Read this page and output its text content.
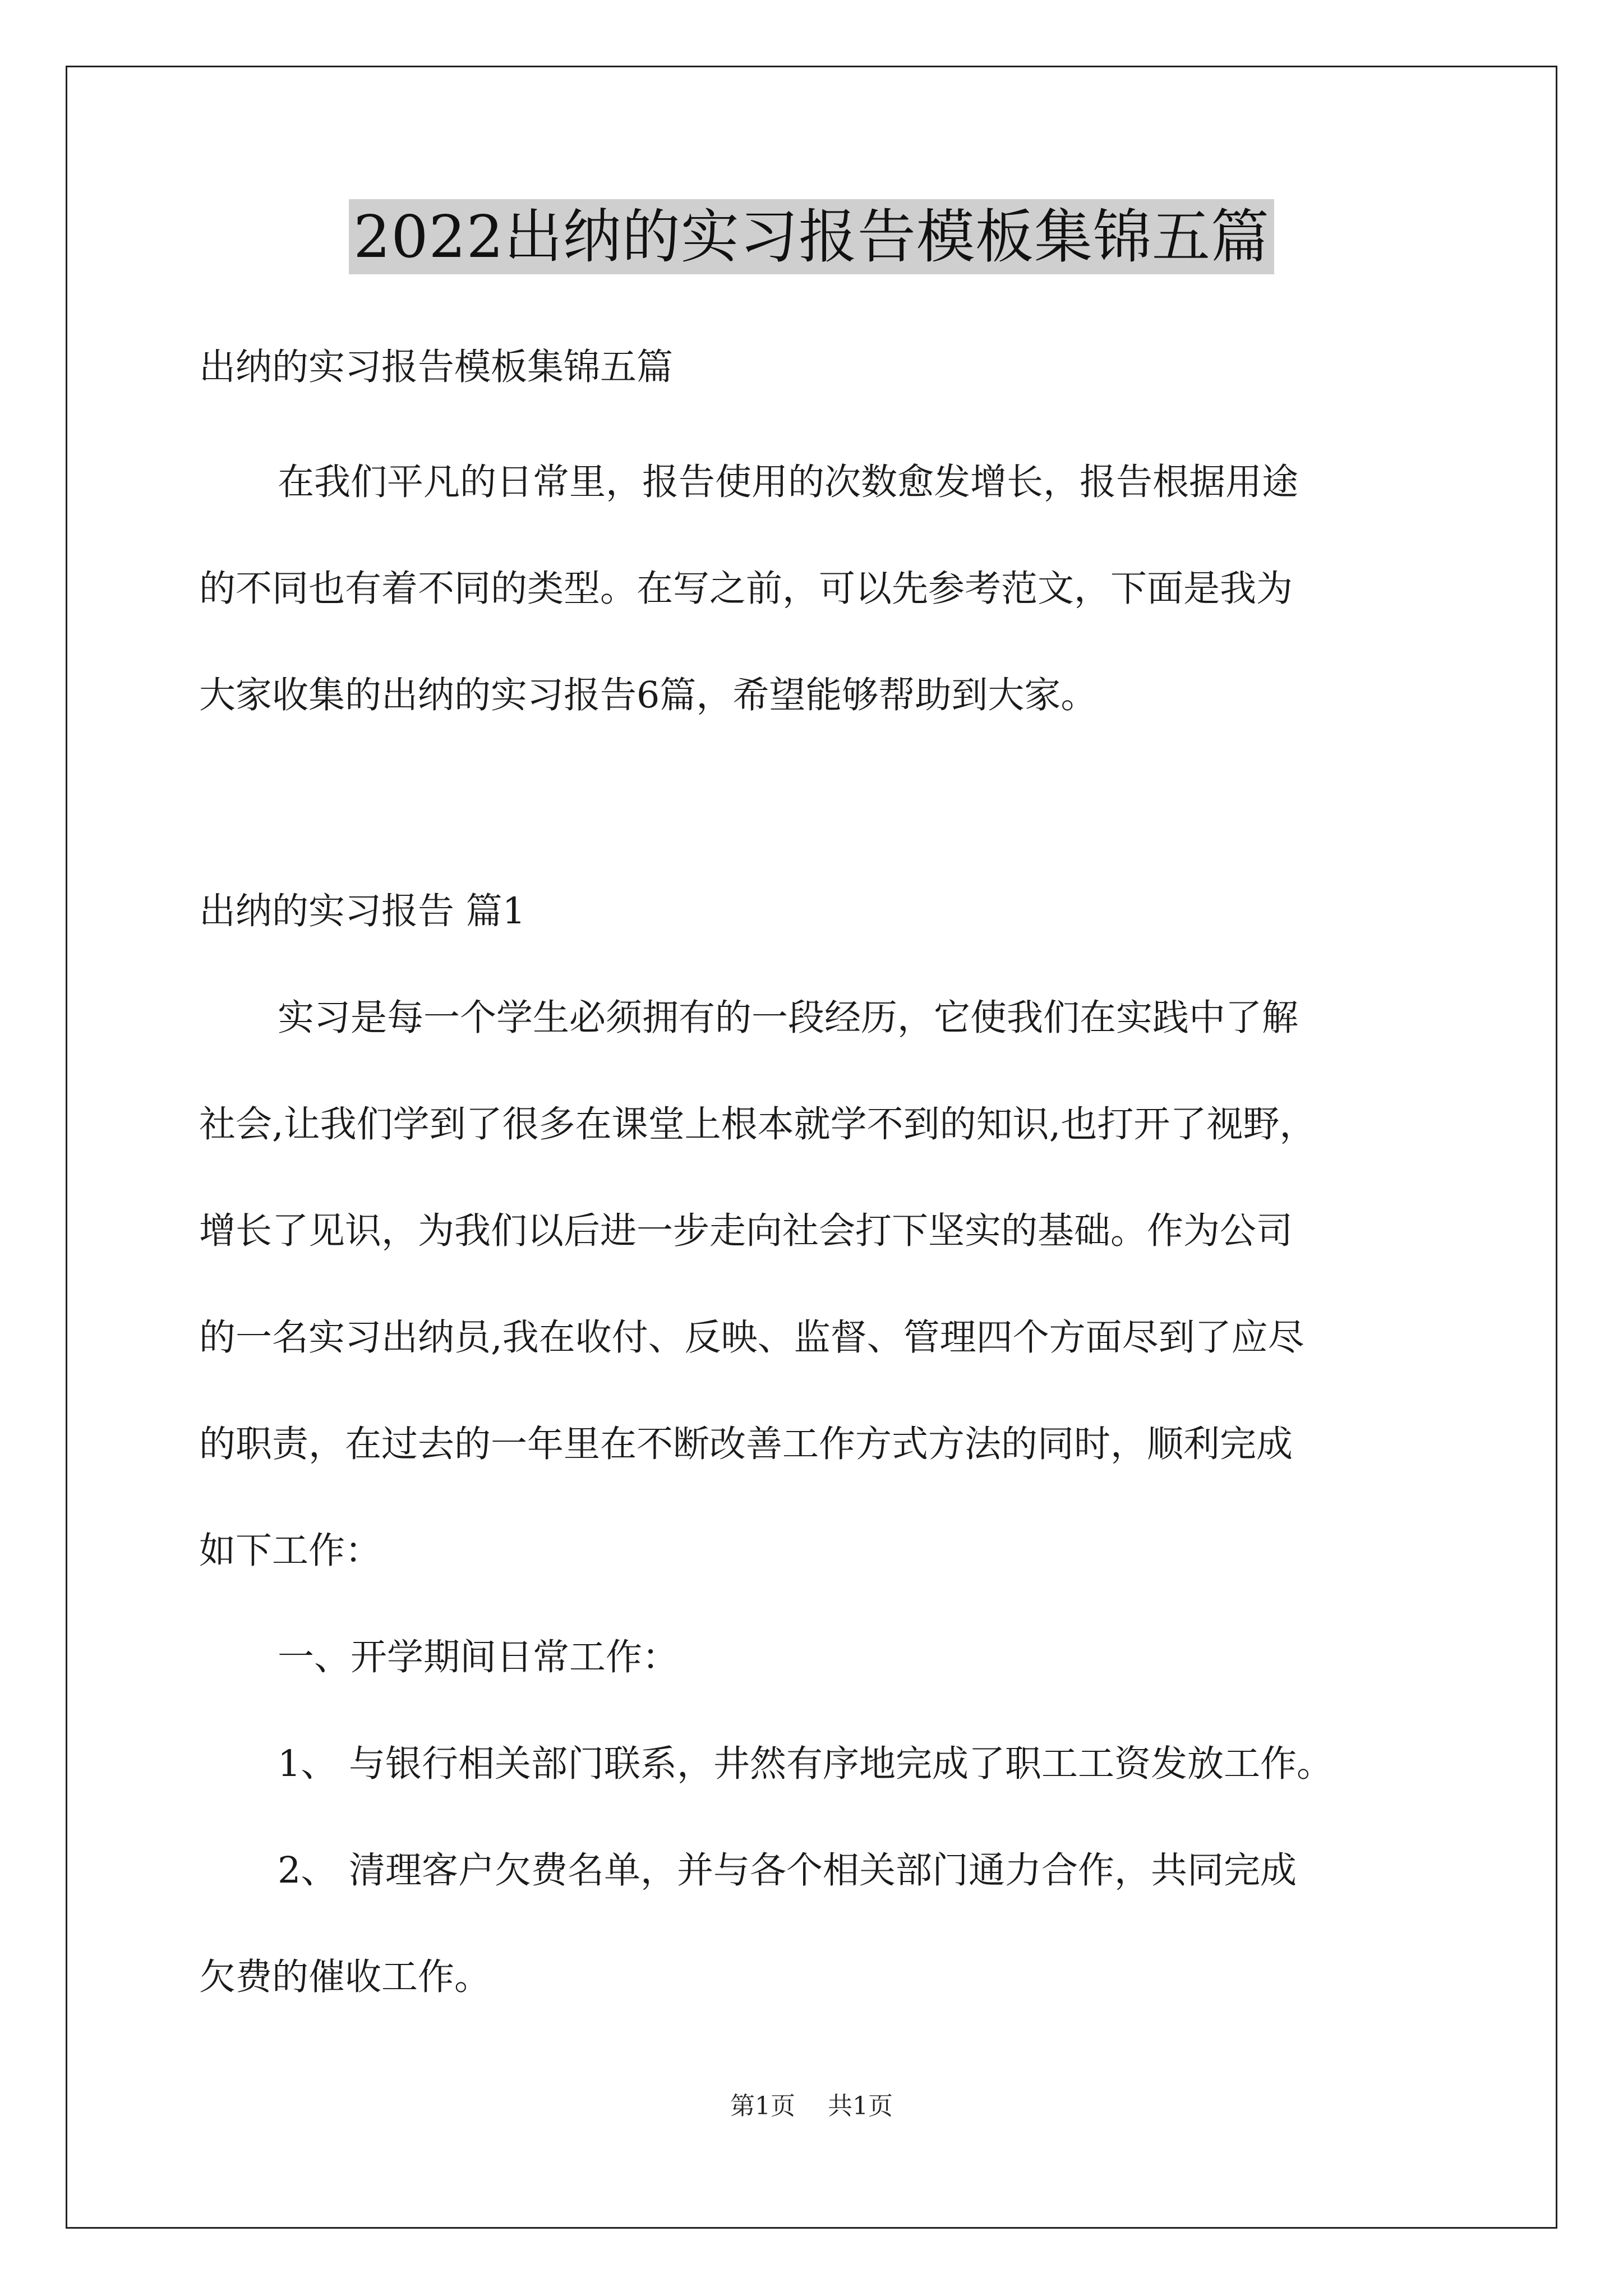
2022出纳的实习报告模板集锦五篇

出纳的实习报告模板集锦五篇

在我们平凡的日常里，报告使用的次数愈发增长，报告根据用途

的不同也有着不同的类型。在写之前，可以先参考范文，下面是我为

大家收集的出纳的实习报告6篇，希望能够帮助到大家。

出纳的实习报告 篇1

实习是每一个学生必须拥有的一段经历，它使我们在实践中了解

社会,让我们学到了很多在课堂上根本就学不到的知识,也打开了视野，

增长了见识，为我们以后进一步走向社会打下坚实的基础。作为公司

的一名实习出纳员,我在收付、反映、监督、管理四个方面尽到了应尽

的职责，在过去的一年里在不断改善工作方式方法的同时，顺利完成

如下工作：

一、开学期间日常工作：

1、 与银行相关部门联系，井然有序地完成了职工工资发放工作。

2、 清理客户欠费名单，并与各个相关部门通力合作，共同完成

欠费的催收工作。

第1页 共1页
